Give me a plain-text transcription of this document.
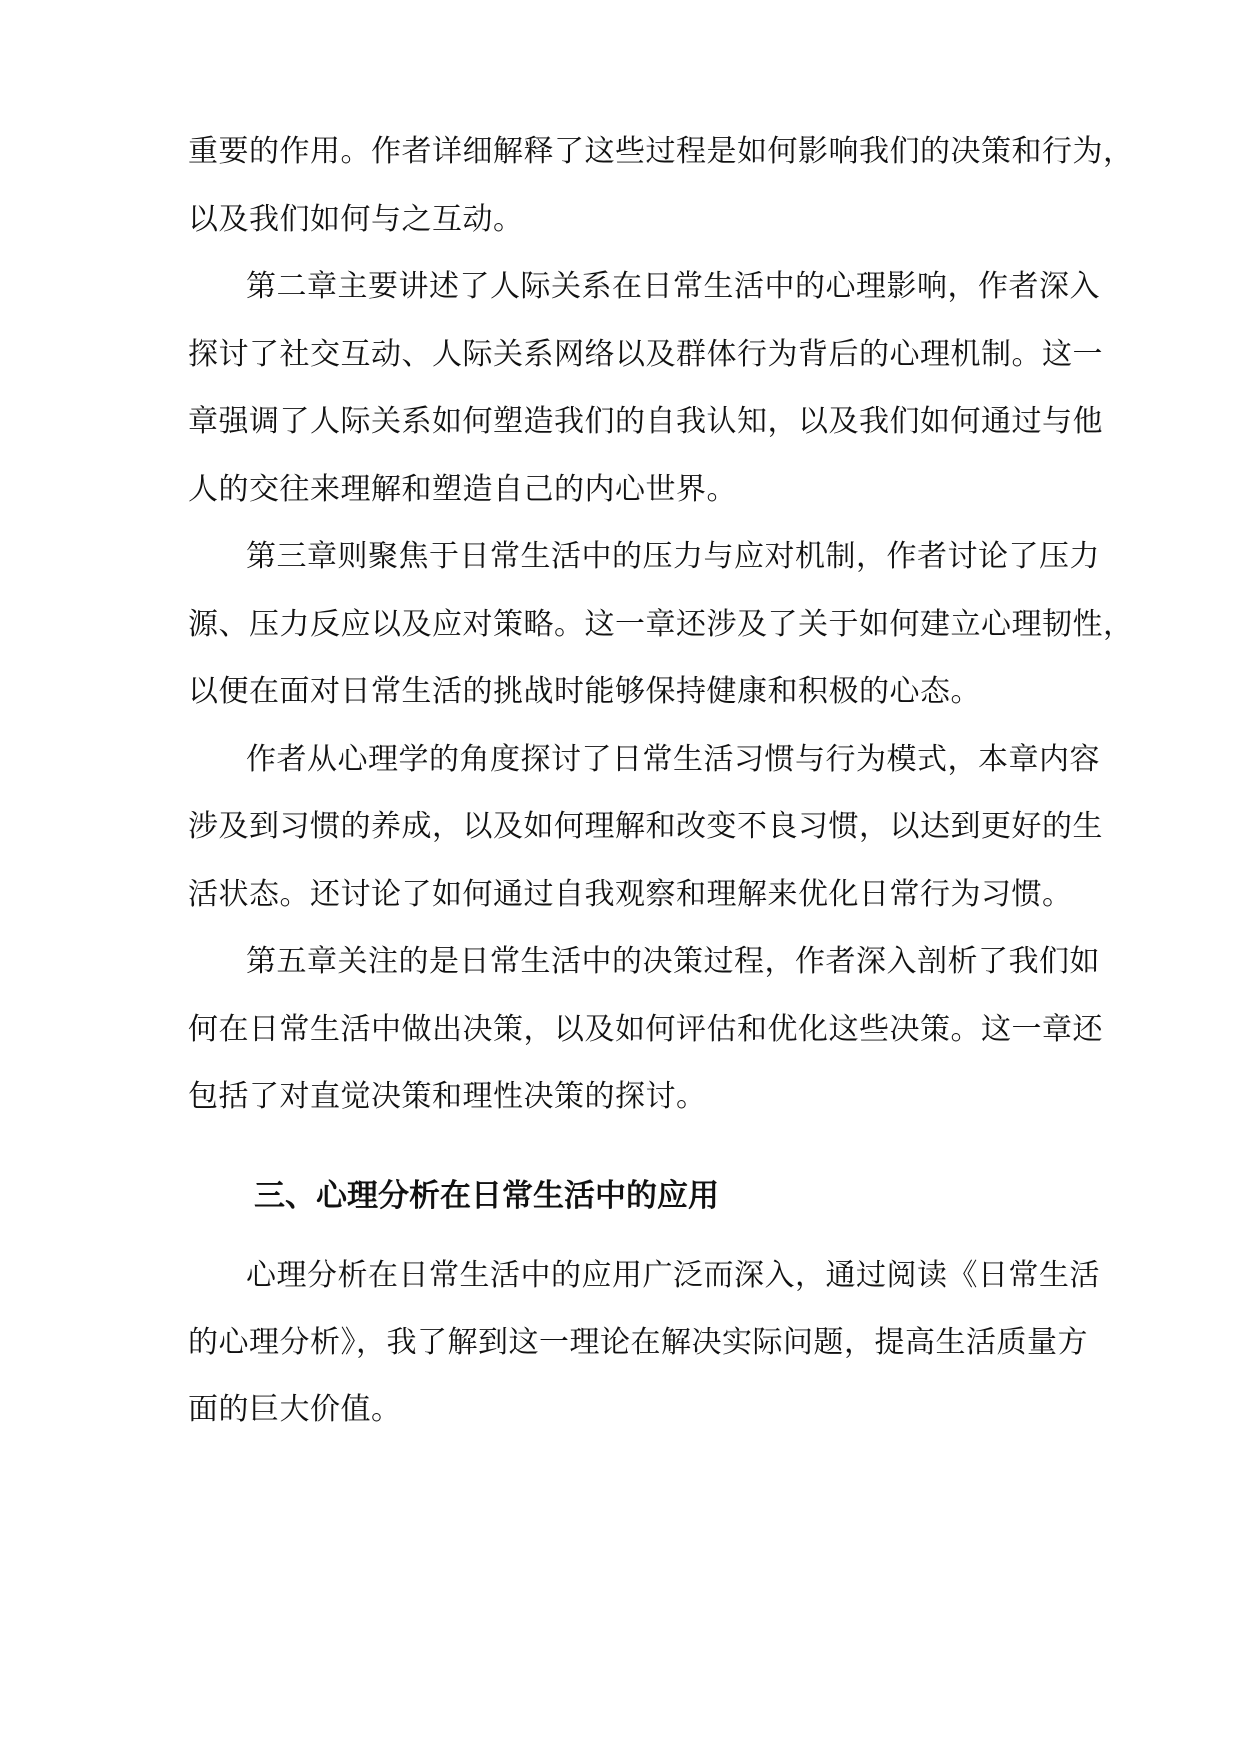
重要的作用。作者详细解释了这些过程是如何影响我们的决策和行为，
以及我们如何与之互动。
第二章主要讲述了人际关系在日常生活中的心理影响，作者深入
探讨了社交互动、人际关系网络以及群体行为背后的心理机制。这一
章强调了人际关系如何塑造我们的自我认知，以及我们如何通过与他
人的交往来理解和塑造自己的内心世界。
第三章则聚焦于日常生活中的压力与应对机制，作者讨论了压力
源、压力反应以及应对策略。这一章还涉及了关于如何建立心理韧性，
以便在面对日常生活的挑战时能够保持健康和积极的心态。
作者从心理学的角度探讨了日常生活习惯与行为模式，本章内容
涉及到习惯的养成，以及如何理解和改变不良习惯，以达到更好的生
活状态。还讨论了如何通过自我观察和理解来优化日常行为习惯。
第五章关注的是日常生活中的决策过程，作者深入剖析了我们如
何在日常生活中做出决策，以及如何评估和优化这些决策。这一章还
包括了对直觉决策和理性决策的探讨。
三、心理分析在日常生活中的应用
心理分析在日常生活中的应用广泛而深入，通过阅读《日常生活
的心理分析》，我了解到这一理论在解决实际问题，提高生活质量方
面的巨大价值。
